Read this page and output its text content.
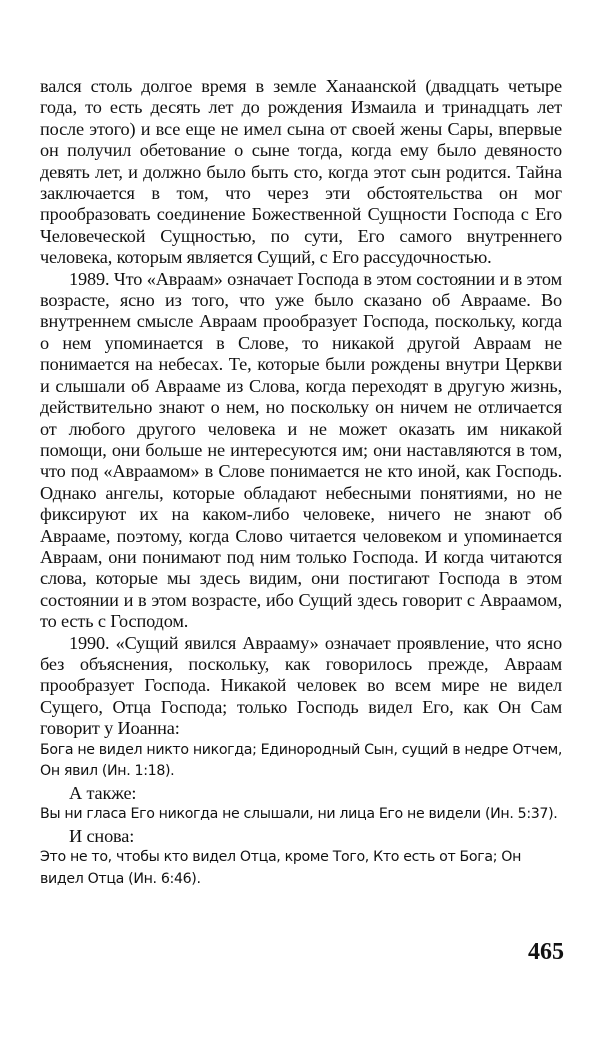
вался столь долгое время в земле Ханаанской (двадцать четыре года, то есть десять лет до рождения Измаила и тринадцать лет после этого) и все еще не имел сына от своей жены Сары, впервые он получил обетование о сыне тогда, когда ему было девяносто девять лет, и должно было быть сто, когда этот сын родится. Тайна заключается в том, что через эти обстоятельства он мог прообразовать соединение Божественной Сущности Господа с Его Человеческой Сущностью, по сути, Его самого внутреннего человека, которым является Сущий, с Его рассудочностью.

1989. Что «Авраам» означает Господа в этом состоянии и в этом возрасте, ясно из того, что уже было сказано об Аврааме. Во внутреннем смысле Авраам прообразует Господа, поскольку, когда о нем упоминается в Слове, то никакой другой Авраам не понимается на небесах. Те, которые были рождены внутри Церкви и слышали об Аврааме из Слова, когда переходят в другую жизнь, действительно знают о нем, но поскольку он ничем не отличается от любого другого человека и не может оказать им никакой помощи, они больше не интересуются им; они наставляются в том, что под «Авраамом» в Слове понимается не кто иной, как Господь. Однако ангелы, которые обладают небесными понятиями, но не фиксируют их на каком-либо человеке, ничего не знают об Аврааме, поэтому, когда Слово читается человеком и упоминается Авраам, они понимают под ним только Господа. И когда читаются слова, которые мы здесь видим, они постигают Господа в этом состоянии и в этом возрасте, ибо Сущий здесь говорит с Авраамом, то есть с Господом.

1990. «Сущий явился Аврааму» означает проявление, что ясно без объяснения, поскольку, как говорилось прежде, Авраам прообразует Господа. Никакой человек во всем мире не видел Сущего, Отца Господа; только Господь видел Его, как Он Сам говорит у Иоанна:

Бога не видел никто никогда; Единородный Сын, сущий в недре Отчем, Он явил (Ин. 1:18).

А также:

Вы ни гласа Его никогда не слышали, ни лица Его не видели (Ин. 5:37).

И снова:

Это не то, чтобы кто видел Отца, кроме Того, Кто есть от Бога; Он видел Отца (Ин. 6:46).

465
